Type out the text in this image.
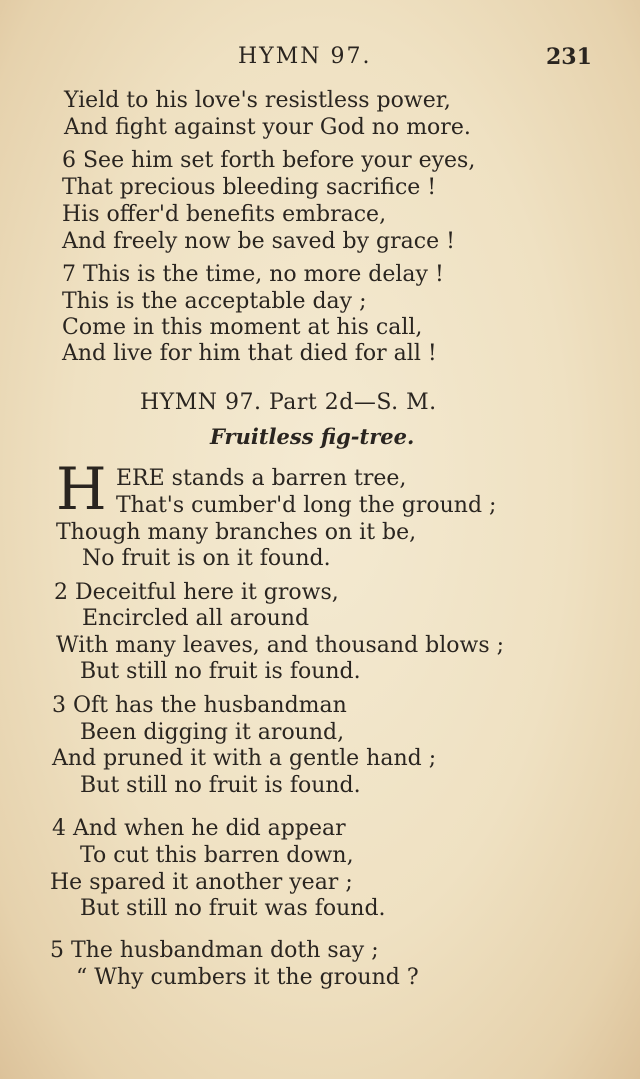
HYMN 97.	231
Yield to his love's resistless power,
And fight against your God no more.
6 See him set forth before your eyes,
That precious bleeding sacrifice !
His offer'd benefits embrace,
And freely now be saved by grace !
7 This is the time, no more delay !
This is the acceptable day ;
Come in this moment at his call,
And live for him that died for all !
HYMN 97. Part 2d—S. M.
Fruitless fig-tree.
H ERE stands a barren tree,
That's cumber'd long the ground ;
Though many branches on it be,
No fruit is on it found.
2 Deceitful here it grows,
Encircled all around
With many leaves, and thousand blows ;
But still no fruit is found.
3 Oft has the husbandman
Been digging it around,
And pruned it with a gentle hand ;
But still no fruit is found.
4 And when he did appear
To cut this barren down,
He spared it another year ;
But still no fruit was found.
5 The husbandman doth say ;
“ Why cumbers it the ground ?
